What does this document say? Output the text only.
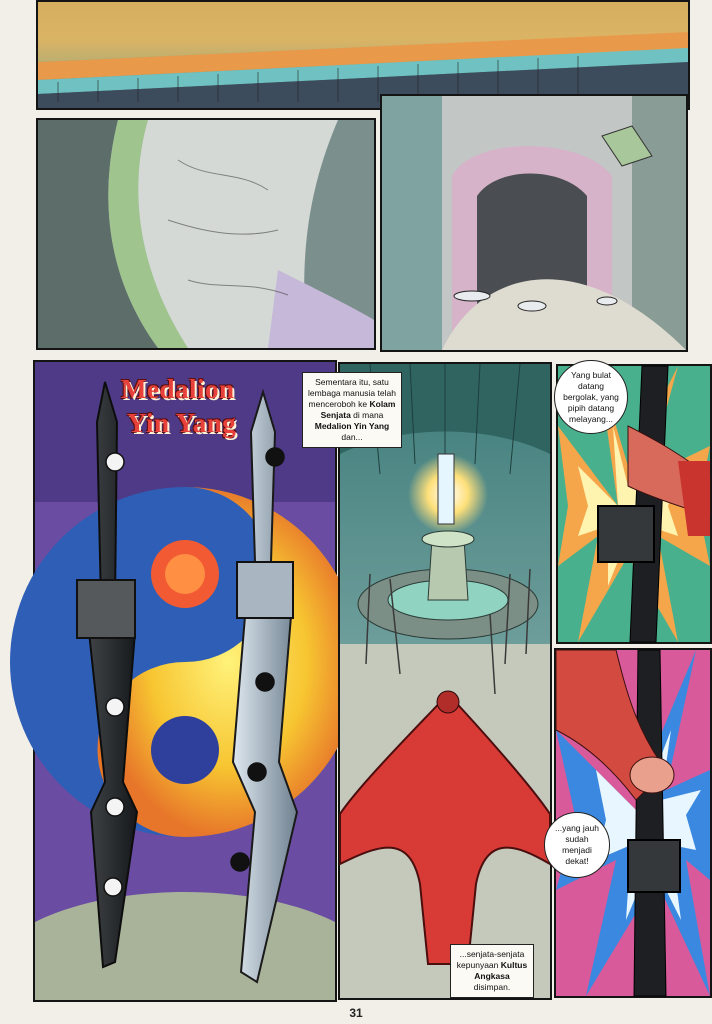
Medalion
Yin Yang
Sementara itu, satu lembaga manusia telah menceroboh ke Kolam Senjata di mana Medalion Yin Yang dan...
...senjata-senjata kepunyaan Kultus Angkasa disimpan.
Yang bulat datang bergolak, yang pipih datang melayang...
...yang jauh sudah menjadi dekat!
31
